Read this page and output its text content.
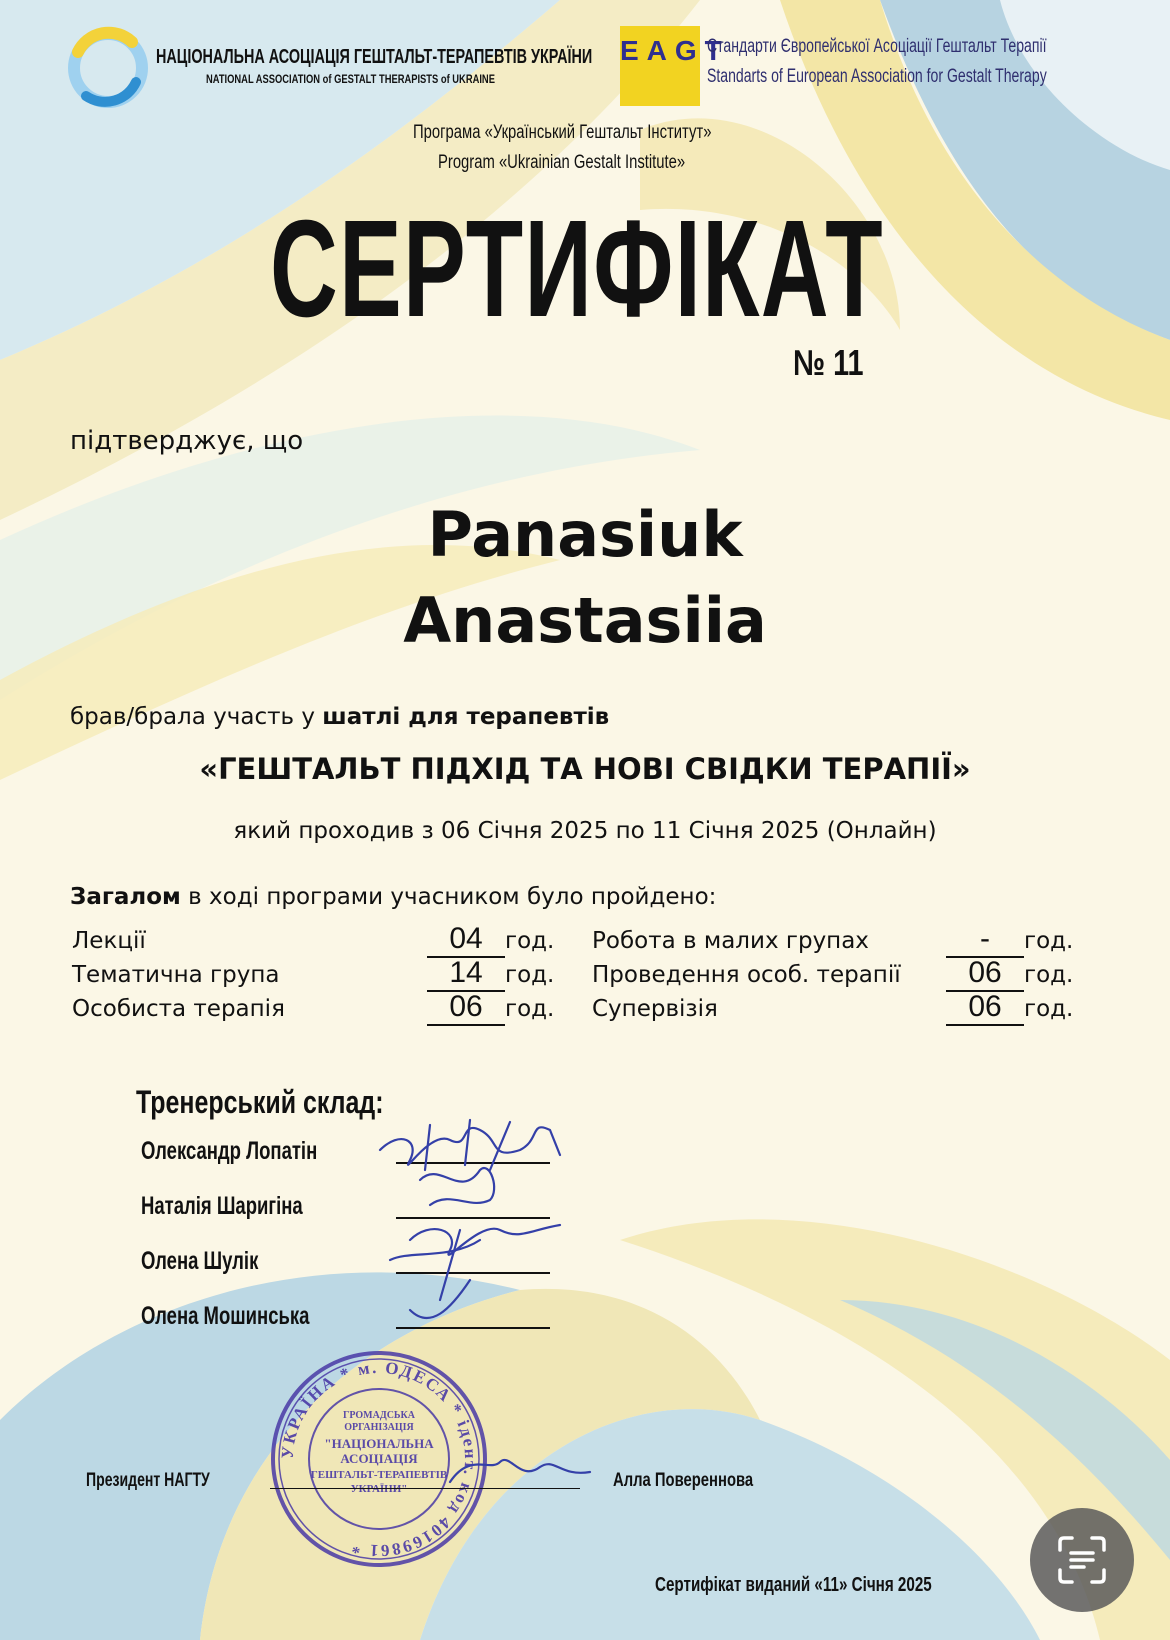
НАЦІОНАЛЬНА АСОЦІАЦІЯ ГЕШТАЛЬТ-ТЕРАПЕВТІВ УКРАЇНИ
NATIONAL ASSOCIATION of GESTALT THERAPISTS of UKRAINE
EAGT
Стандарти Європейської Асоціації Гештальт Терапії
Standarts of European Association for Gestalt Therapy
Програма «Український Гештальт Інститут»
Program «Ukrainian Gestalt Institute»
СЕРТИФІКАТ
№ 11
підтверджує, що
Panasiuk
Anastasiia
брав/брала участь у шатлі для терапевтів
«ГЕШТАЛЬТ ПІДХІД ТА НОВІ СВІДКИ ТЕРАПІЇ»
який проходив з 06 Січня 2025 по 11 Січня 2025 (Онлайн)
Загалом в ході програми учасником було пройдено:
Лекції	04 год.
Тематична група	14 год.
Особиста терапія	06 год.
Робота в малих групах	- год.
Проведення особ. терапії	06 год.
Супервізія	06 год.
Тренерський склад:
Олександр Лопатін
Наталія Шаригіна
Олена Шулік
Олена Мошинська
УКРАЇНА * м. ОДЕСА * ідент. код 40169861 *
ГРОМАДСЬКА
ОРГАНІЗАЦІЯ
"НАЦІОНАЛЬНА
АСОЦІАЦІЯ
ГЕШТАЛЬТ-ТЕРАПЕВТІВ
УКРАЇНИ"
Президент НАГТУ	Алла Повереннова
Сертифікат виданий «11» Січня 2025
